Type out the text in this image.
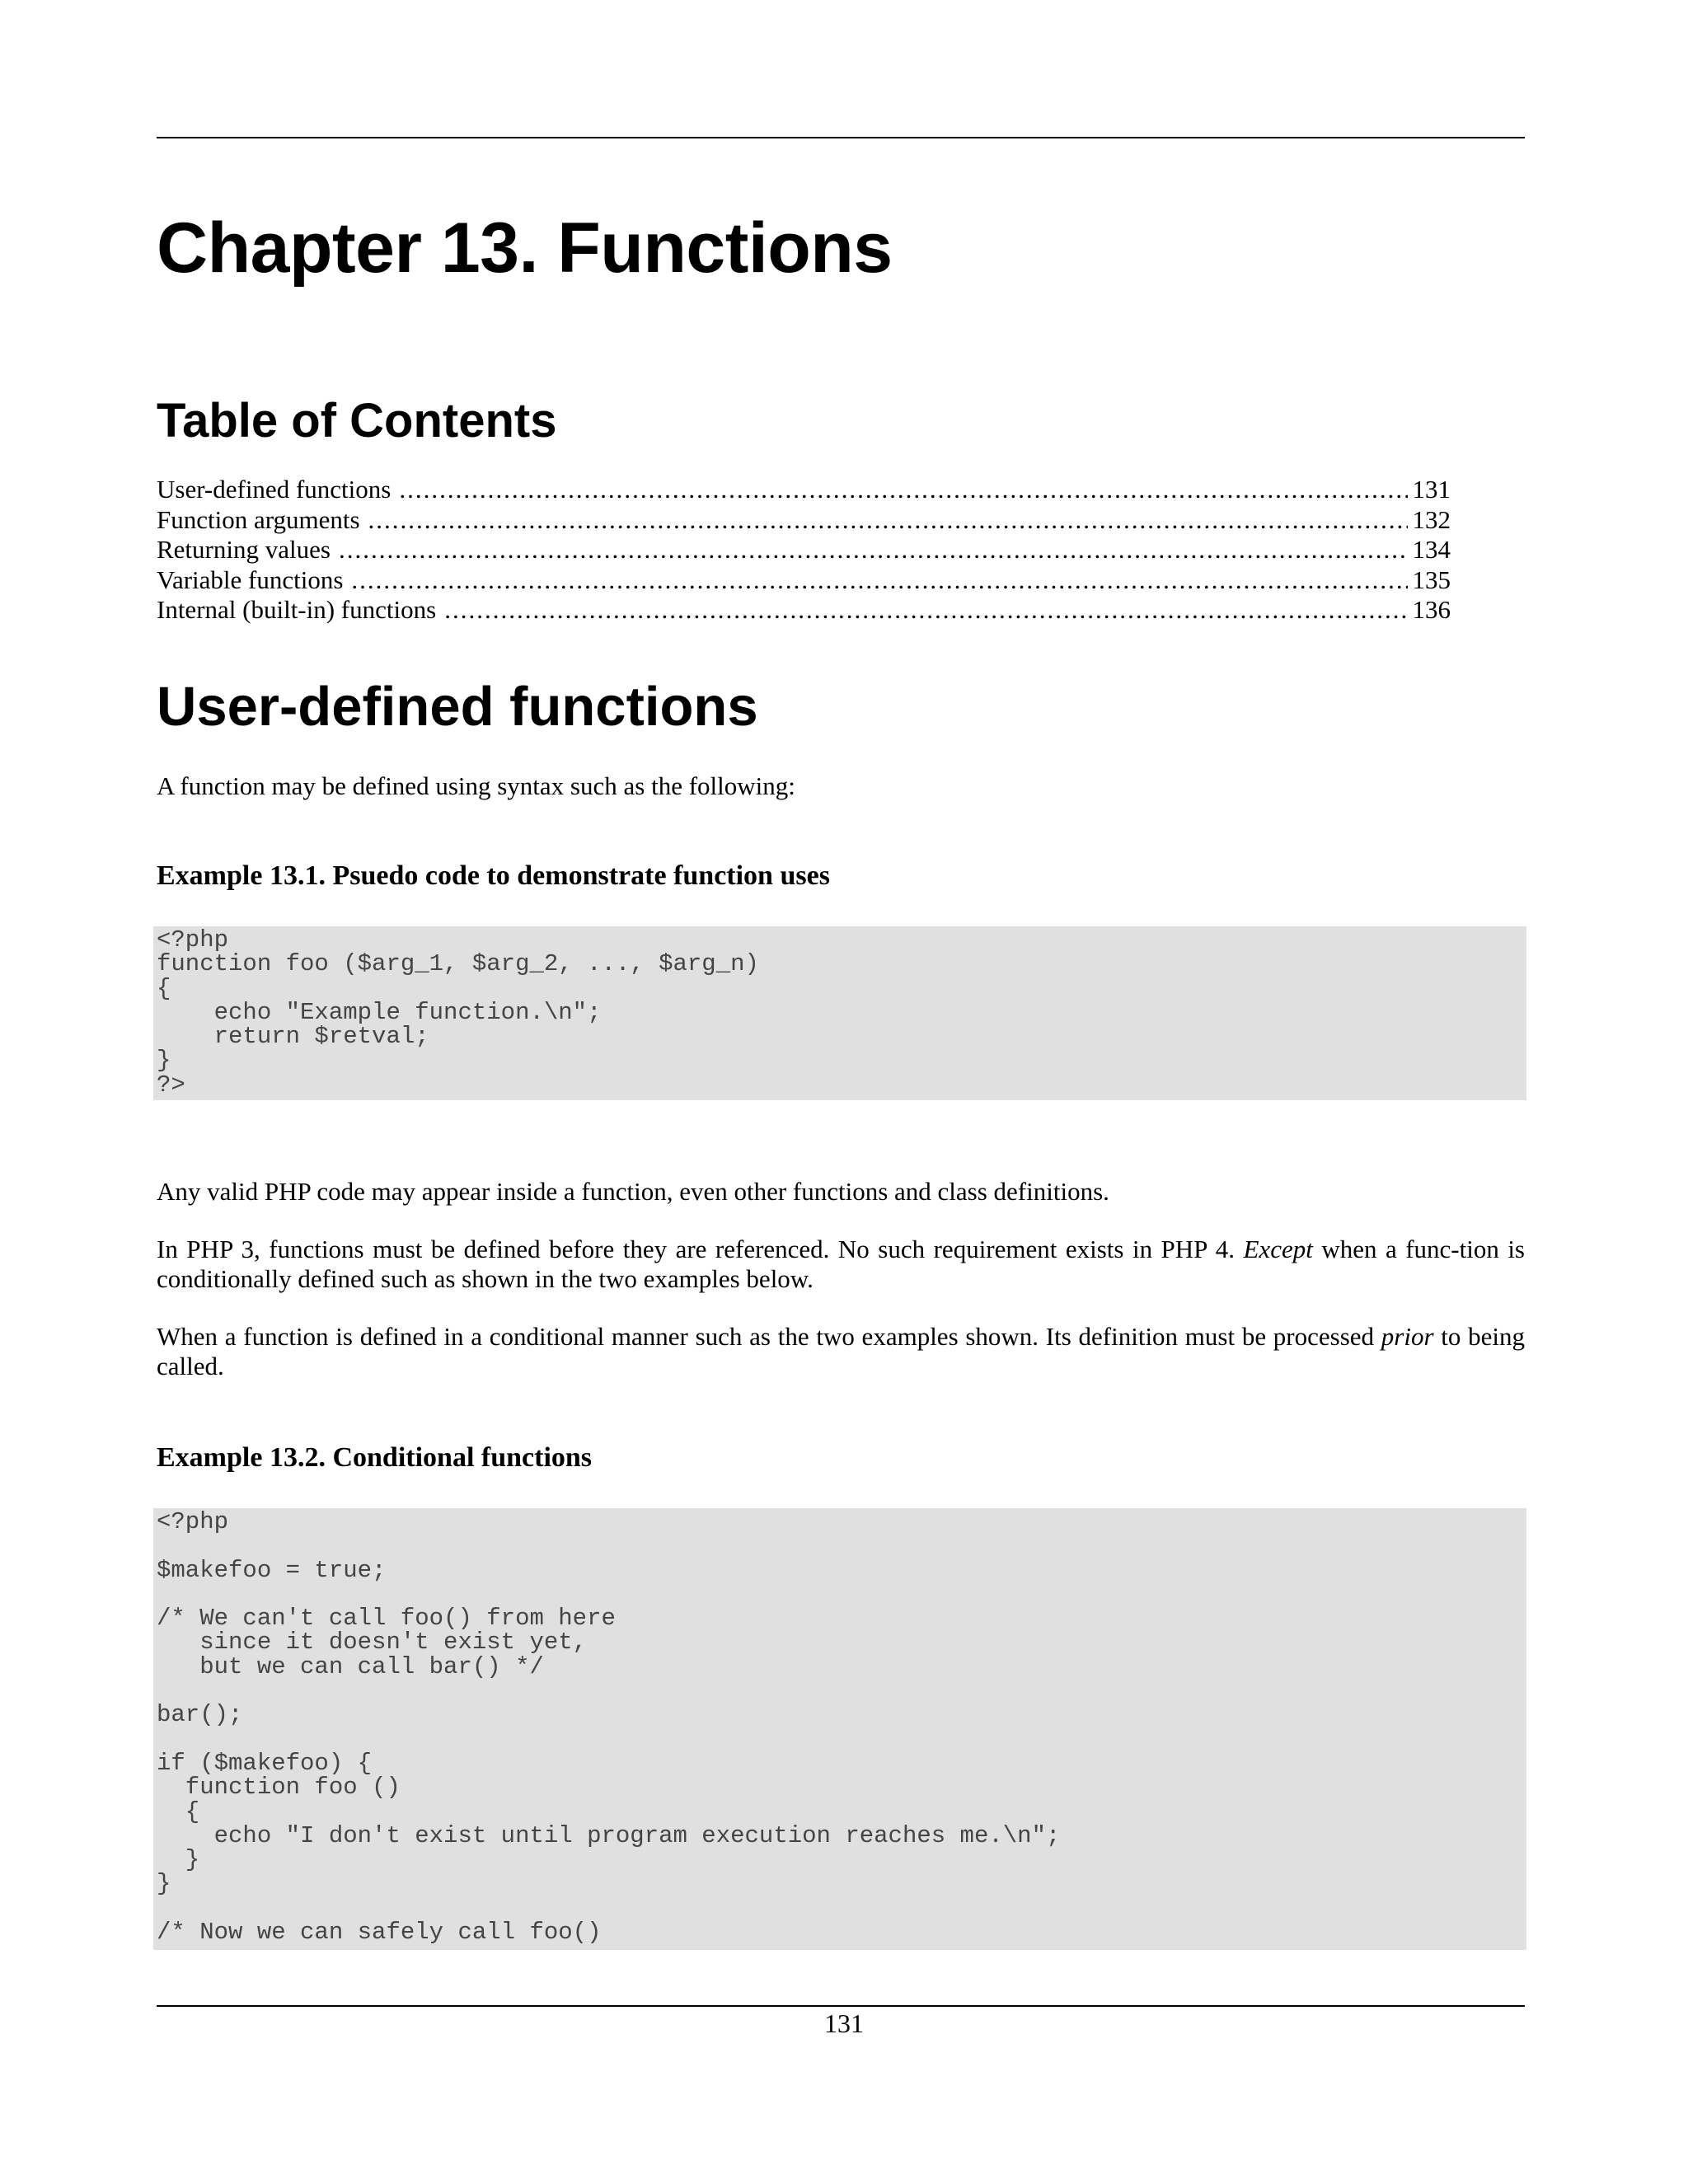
Chapter 13. Functions
Table of Contents
User-defined functions .....	131
Function arguments .....	132
Returning values .....	134
Variable functions .....	135
Internal (built-in) functions .....	136
User-defined functions

A function may be defined using syntax such as the following:

Example 13.1. Psuedo code to demonstrate function uses
<?php
function foo ($arg_1, $arg_2, ..., $arg_n)
{
echo "Example function.\n";
return $retval;
}
?>

Any valid PHP code may appear inside a function, even other functions and class definitions.

In PHP 3, functions must be defined before they are referenced. No such requirement exists in PHP 4. Except when a func-tion is conditionally defined such as shown in the two examples below.

When a function is defined in a conditional manner such as the two examples shown. Its definition must be processed prior to being called.

Example 13.2. Conditional functions
<?php

$makefoo = true;

/* We can't call foo() from here
since it doesn't exist yet,
but we can call bar() */

bar();

if ($makefoo) {
function foo ()
{
echo "I don't exist until program execution reaches me.\n";
}
}

/* Now we can safely call foo()

131
